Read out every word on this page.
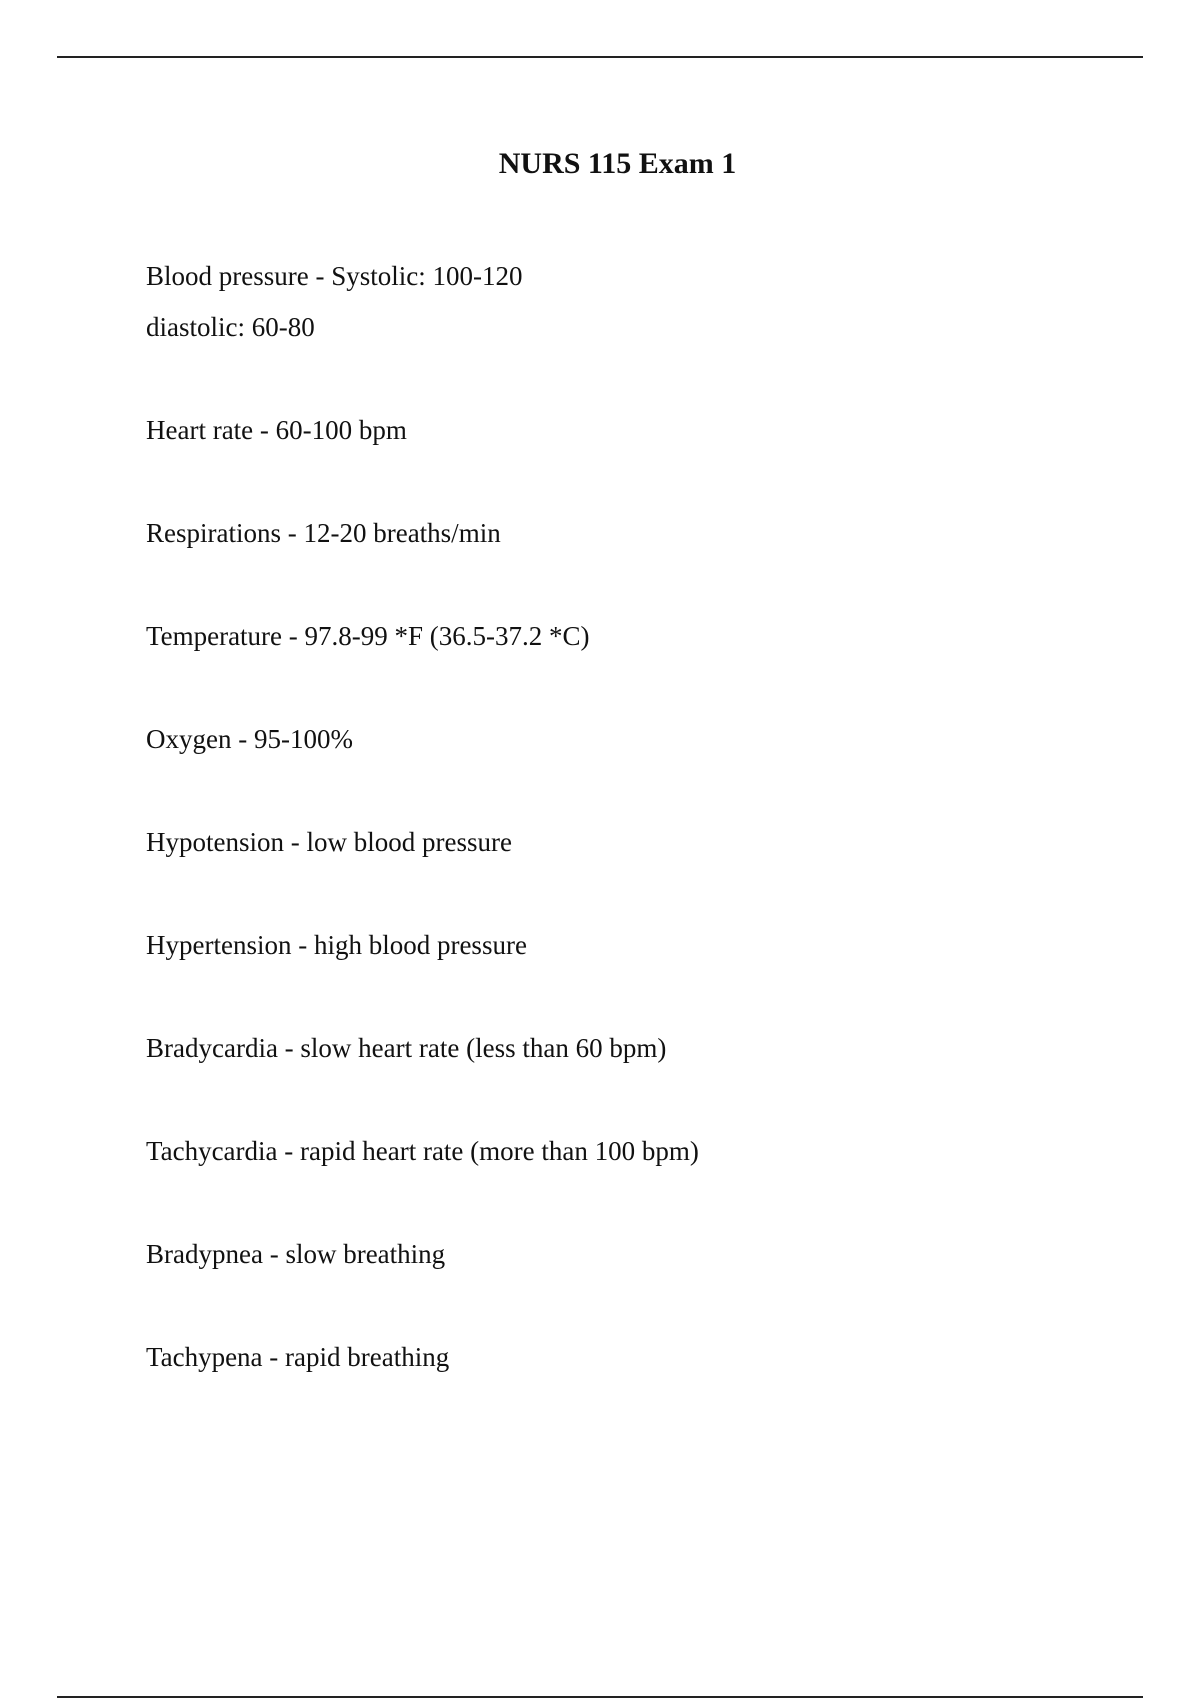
NURS 115 Exam 1

Blood pressure - Systolic: 100-120
diastolic: 60-80

Heart rate - 60-100 bpm

Respirations - 12-20 breaths/min

Temperature - 97.8-99 *F (36.5-37.2 *C)

Oxygen - 95-100%

Hypotension - low blood pressure

Hypertension - high blood pressure

Bradycardia - slow heart rate (less than 60 bpm)

Tachycardia - rapid heart rate (more than 100 bpm)

Bradypnea - slow breathing

Tachypena - rapid breathing
